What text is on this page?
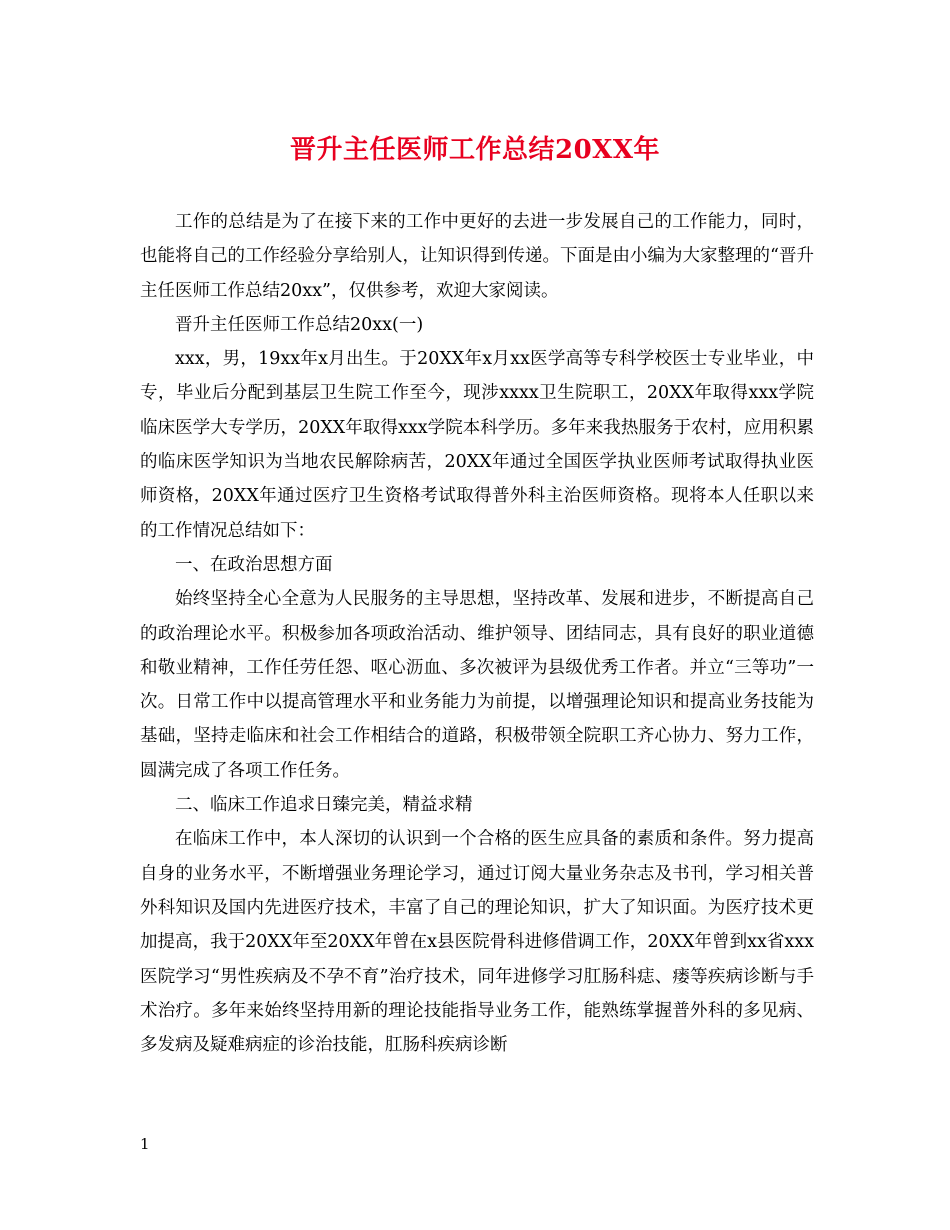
晋升主任医师工作总结20XX年

工作的总结是为了在接下来的工作中更好的去进一步发展自己的工作能力，同时，也能将自己的工作经验分享给别人，让知识得到传递。下面是由小编为大家整理的“晋升主任医师工作总结20xx”，仅供参考，欢迎大家阅读。

晋升主任医师工作总结20xx(一)

xxx，男，19xx年x月出生。于20XX年x月xx医学高等专科学校医士专业毕业，中专，毕业后分配到基层卫生院工作至今，现涉xxxx卫生院职工，20XX年取得xxx学院临床医学大专学历，20XX年取得xxx学院本科学历。多年来我热服务于农村，应用积累的临床医学知识为当地农民解除病苦，20XX年通过全国医学执业医师考试取得执业医师资格，20XX年通过医疗卫生资格考试取得普外科主治医师资格。现将本人任职以来的工作情况总结如下：

一、在政治思想方面

始终坚持全心全意为人民服务的主导思想，坚持改革、发展和进步，不断提高自己的政治理论水平。积极参加各项政治活动、维护领导、团结同志，具有良好的职业道德和敬业精神，工作任劳任怨、呕心沥血、多次被评为县级优秀工作者。并立“三等功”一次。日常工作中以提高管理水平和业务能力为前提，以增强理论知识和提高业务技能为基础，坚持走临床和社会工作相结合的道路，积极带领全院职工齐心协力、努力工作，圆满完成了各项工作任务。

二、临床工作追求日臻完美，精益求精

在临床工作中，本人深切的认识到一个合格的医生应具备的素质和条件。努力提高自身的业务水平，不断增强业务理论学习，通过订阅大量业务杂志及书刊，学习相关普外科知识及国内先进医疗技术，丰富了自己的理论知识，扩大了知识面。为医疗技术更加提高，我于20XX年至20XX年曾在x县医院骨科进修借调工作，20XX年曾到xx省xxx医院学习“男性疾病及不孕不育”治疗技术，同年进修学习肛肠科痣、瘘等疾病诊断与手术治疗。多年来始终坚持用新的理论技能指导业务工作，能熟练掌握普外科的多见病、多发病及疑难病症的诊治技能，肛肠科疾病诊断

1
